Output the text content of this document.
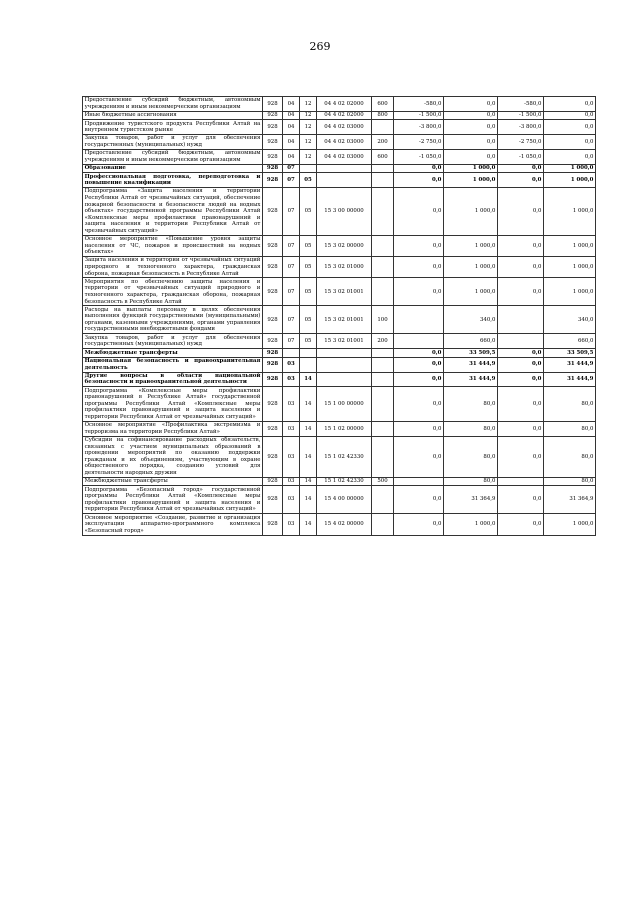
269
Предоставление субсидий бюджетным, автономным учреждениям и иным некоммерческим организациям	928	04	12	04 4 02 02000	600	-580,0	0,0	-580,0	0,0
Иные бюджетные ассигнования	928	04	12	04 4 02 02000	800	-1 500,0	0,0	-1 500,0	0,0
Продвижение туристского продукта Республики Алтай на внутреннем туристском рынке	928	04	12	04 4 02 03000		-3 800,0	0,0	-3 800,0	0,0
Закупка товаров, работ и услуг для обеспечения государственных (муниципальных) нужд	928	04	12	04 4 02 03000	200	-2 750,0	0,0	-2 750,0	0,0
Предоставление субсидий бюджетным, автономным учреждениям и иным некоммерческим организациям	928	04	12	04 4 02 03000	600	-1 050,0	0,0	-1 050,0	0,0
Образование	928	07				0,0	1 000,0	0,0	1 000,0
Профессиональная подготовка, переподготовка и повышение квалификации	928	07	05			0,0	1 000,0	0,0	1 000,0
Подпрограмма «Защита населения и территории Республики Алтай от чрезвычайных ситуаций, обеспечение пожарной безопасности и безопасности людей на водных объектах» государственной программы Республики Алтай «Комплексные меры профилактики правонарушений и защита населения и территории Республики Алтай от чрезвычайных ситуаций»	928	07	05	15 3 00 00000		0,0	1 000,0	0,0	1 000,0
Основное мероприятие «Повышение уровня защиты населения от ЧС, пожаров и происшествий на водных объектах»	928	07	05	15 3 02 00000		0,0	1 000,0	0,0	1 000,0
Защита населения и территории от чрезвычайных ситуаций природного и техногенного характера, гражданская оборона, пожарная безопасность в Республике Алтай	928	07	05	15 3 02 01000		0,0	1 000,0	0,0	1 000,0
Мероприятия по обеспечению защиты населения и территории от чрезвычайных ситуаций природного и техногенного характера, гражданская оборона, пожарная безопасность в Республике Алтай	928	07	05	15 3 02 01001		0,0	1 000,0	0,0	1 000,0
Расходы на выплаты персоналу в целях обеспечения выполнения функций государственными (муниципальными) органами, казенными учреждениями, органами управления государственными внебюджетными фондами	928	07	05	15 3 02 01001	100		340,0		340,0
Закупка товаров, работ и услуг для обеспечения государственных (муниципальных) нужд	928	07	05	15 3 02 01001	200		660,0		660,0
Межбюджетные трансферты	928					0,0	33 509,5	0,0	33 509,5
Национальная безопасность и правоохранительная деятельность	928	03				0,0	31 444,9	0,0	31 444,9
Другие вопросы в области национальной безопасности и правоохранительной деятельности	928	03	14			0,0	31 444,9	0,0	31 444,9
Подпрограмма «Комплексные меры профилактики правонарушений в Республике Алтай» государственной программы Республики Алтай «Комплексные меры профилактики правонарушений и защита населения и территории Республики Алтай от чрезвычайных ситуаций»	928	03	14	15 1 00 00000		0,0	80,0	0,0	80,0
Основное мероприятие «Профилактика экстремизма и терроризма на территории Республики Алтай»	928	03	14	15 1 02 00000		0,0	80,0	0,0	80,0
Субсидии на софинансирование расходных обязательств, связанных с участием муниципальных образований в проведении мероприятий по оказанию поддержки гражданам и их объединениям, участвующим в охране общественного порядка, созданию условий для деятельности народных дружин	928	03	14	15 1 02 42330		0,0	80,0	0,0	80,0
Межбюджетные трансферты	928	03	14	15 1 02 42330	500		80,0		80,0
Подпрограмма «Безопасный город» государственной программы Республики Алтай «Комплексные меры профилактики правонарушений и защита населения и территории Республики Алтай от чрезвычайных ситуаций»	928	03	14	15 4 00 00000		0,0	31 364,9	0,0	31 364,9
Основное мероприятие «Создание, развитие и организация эксплуатации аппаратно-программного комплекса «Безопасный город»	928	03	14	15 4 02 00000		0,0	1 000,0	0,0	1 000,0
